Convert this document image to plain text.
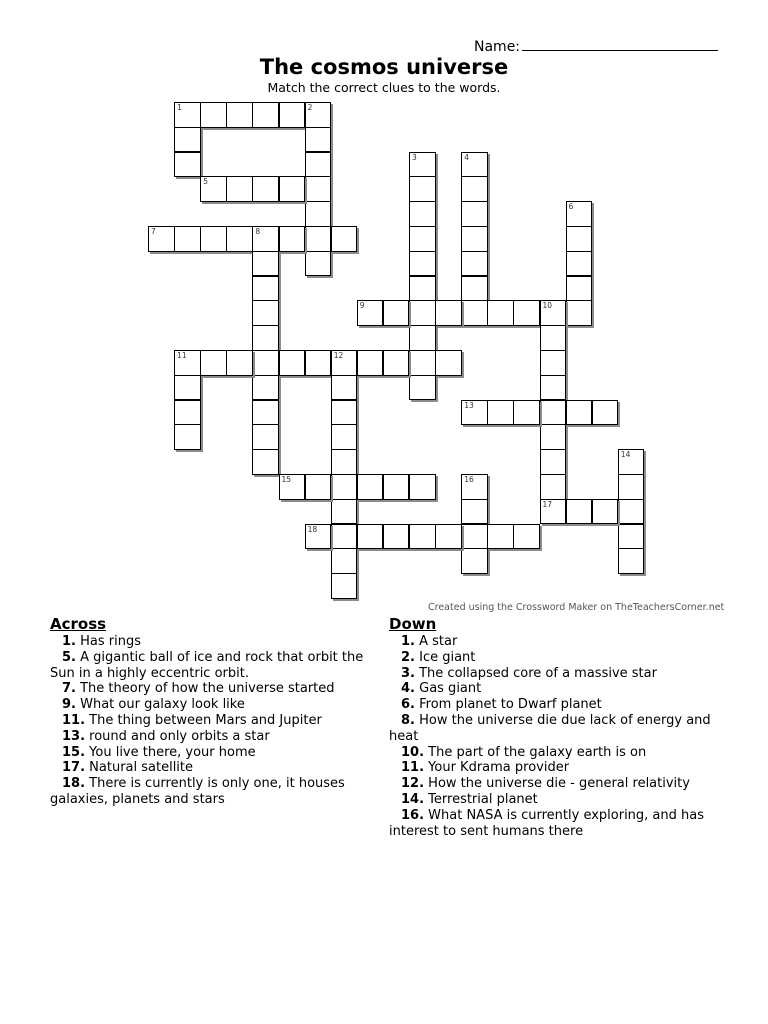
Name:
The cosmos universe
Match the correct clues to the words.
1	2
3	4
5
6
7	8
9	10
17
11	12
13
14
15	16
18
Created using the Crossword Maker on TheTeachersCorner.net
Across
1. Has rings
5. A gigantic ball of ice and rock that orbit the Sun in a highly eccentric orbit.
7. The theory of how the universe started
9. What our galaxy look like
11. The thing between Mars and Jupiter
13. round and only orbits a star
15. You live there, your home
17. Natural satellite
18. There is currently is only one, it houses galaxies, planets and stars
Down
1. A star
2. Ice giant
3. The collapsed core of a massive star
4. Gas giant
6. From planet to Dwarf planet
8. How the universe die due lack of energy and heat
10. The part of the galaxy earth is on
11. Your Kdrama provider
12. How the universe die - general relativity
14. Terrestrial planet
16. What NASA is currently exploring, and has interest to sent humans there
